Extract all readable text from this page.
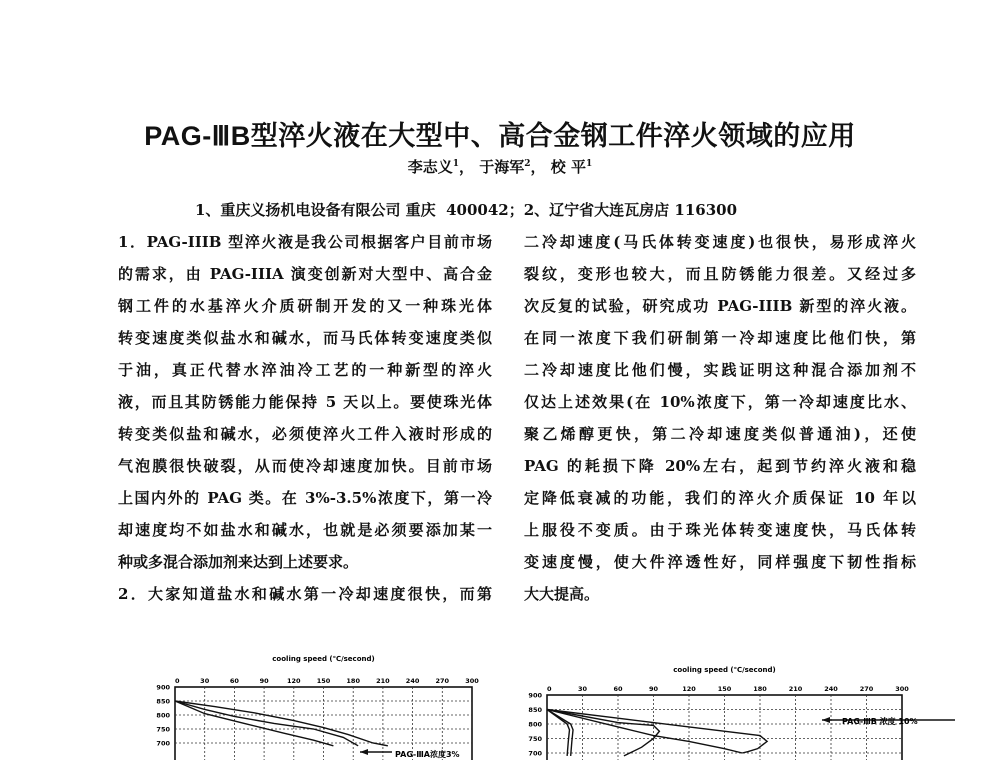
PAG-ⅢB型淬火液在大型中、高合金钢工件淬火领域的应用
李志义$^1$， 于海军$^2$， 校 平$^1$
1、重庆义扬机电设备有限公司 重庆  400042；2、辽宁省大连瓦房店 116300
1．PAG-IIIB 型淬火液是我公司根据客户目前市场
的需求，由 PAG-IIIA 演变创新对大型中、高合金
钢工件的水基淬火介质研制开发的又一种珠光体
转变速度类似盐水和碱水，而马氏体转变速度类似
于油，真正代替水淬油冷工艺的一种新型的淬火
液，而且其防锈能力能保持 5 天以上。要使珠光体
转变类似盐和碱水，必须使淬火工件入液时形成的
气泡膜很快破裂，从而使冷却速度加快。目前市场
上国内外的 PAG 类。在 3%-3.5%浓度下，第一冷
却速度均不如盐水和碱水，也就是必须要添加某一
种或多混合添加剂来达到上述要求。
2．大家知道盐水和碱水第一冷却速度很快，而第
二冷却速度(马氏体转变速度)也很快，易形成淬火
裂纹，变形也较大，而且防锈能力很差。又经过多
次反复的试验，研究成功 PAG-IIIB 新型的淬火液。
在同一浓度下我们研制第一冷却速度比他们快，第
二冷却速度比他们慢，实践证明这种混合添加剂不
仅达上述效果(在 10%浓度下，第一冷却速度比水、
聚乙烯醇更快，第二冷却速度类似普通油)，还使
PAG 的耗损下降 20%左右，起到节约淬火液和稳
定降低衰减的功能，我们的淬火介质保证 10 年以
上服役不变质。由于珠光体转变速度快，马氏体转
变速度慢，使大件淬透性好，同样强度下韧性指标
大大提高。
cooling speed (℃/second)
0	30	60	90	120 150 180 210 240 270 300
900
850
800
750
700
PAG-ⅢA浓度3%
cooling speed (℃/second)
0	30	60	90	120	150	180	210	240	270	300
900
850
800
750
700
PAG-ⅢB 浓度 10%
